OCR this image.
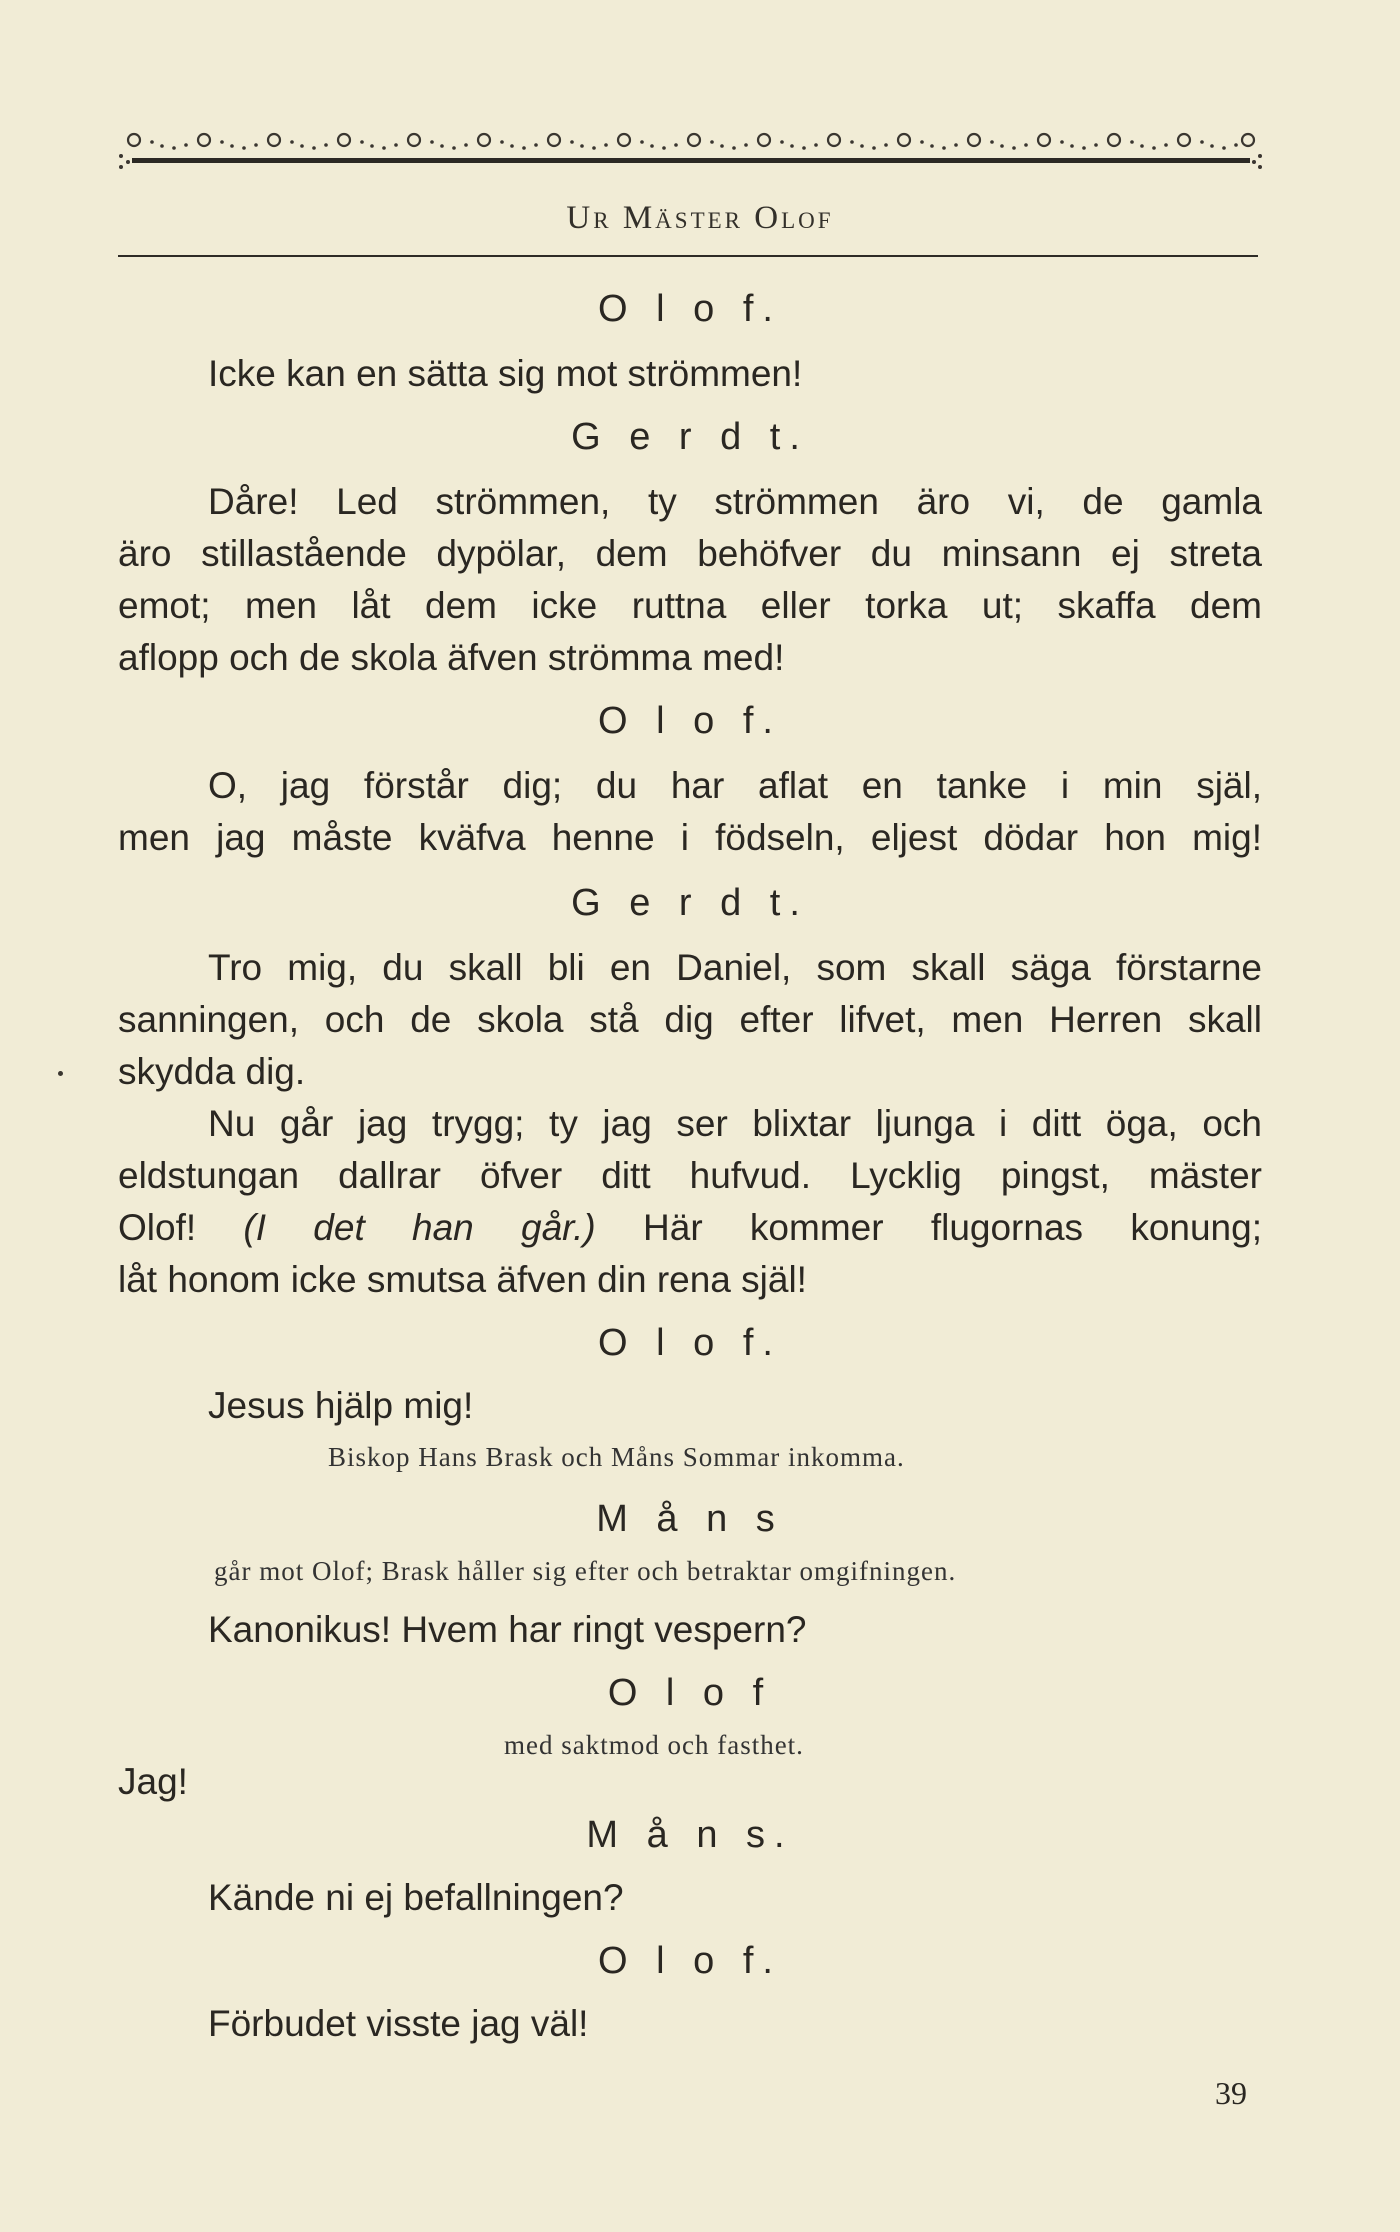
Ur Mäster Olof
O l o f.
Icke kan en sätta sig mot strömmen!
G e r d t.
Dåre! Led strömmen, ty strömmen äro vi, de gamla
äro stillastående dypölar, dem behöfver du minsann ej streta
emot; men låt dem icke ruttna eller torka ut; skaffa dem
aflopp och de skola äfven strömma med!
O l o f.
O, jag förstår dig; du har aflat en tanke i min själ,
men jag måste kväfva henne i födseln, eljest dödar hon mig!
G e r d t.
Tro mig, du skall bli en Daniel, som skall säga förstarne
sanningen, och de skola stå dig efter lifvet, men Herren skall
skydda dig.
Nu går jag trygg; ty jag ser blixtar ljunga i ditt öga, och
eldstungan dallrar öfver ditt hufvud. Lycklig pingst, mäster
Olof! (I det han går.) Här kommer flugornas konung;
låt honom icke smutsa äfven din rena själ!
O l o f.
Jesus hjälp mig!
Biskop Hans Brask och Måns Sommar inkomma.
M å n s
går mot Olof; Brask håller sig efter och betraktar omgifningen.
Kanonikus! Hvem har ringt vespern?
O l o f
med saktmod och fasthet.
Jag!
M å n s.
Kände ni ej befallningen?
O l o f.
Förbudet visste jag väl!
39
